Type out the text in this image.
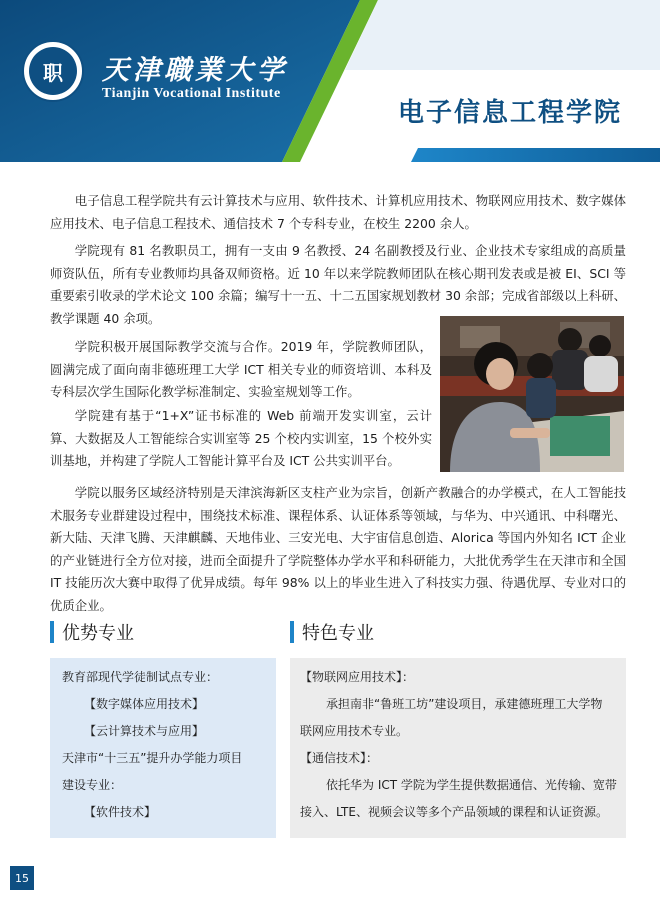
职	天津職業大学
Tianjin Vocational Institute
电子信息工程学院

电子信息工程学院共有云计算技术与应用、软件技术、计算机应用技术、物联网应用技术、数字媒体应用技术、电子信息工程技术、通信技术 7 个专科专业，在校生 2200 余人。

学院现有 81 名教职员工，拥有一支由 9 名教授、24 名副教授及行业、企业技术专家组成的高质量师资队伍，所有专业教师均具备双师资格。近 10 年以来学院教师团队在核心期刊发表或是被 EI、SCI 等重要索引收录的学术论文 100 余篇；编写十一五、十二五国家规划教材 30 余部；完成省部级以上科研、教学课题 40 余项。

学院积极开展国际教学交流与合作。2019 年，学院教师团队，圆满完成了面向南非德班理工大学 ICT 相关专业的师资培训、本科及专科层次学生国际化教学标准制定、实验室规划等工作。

学院建有基于“1+X”证书标准的 Web 前端开发实训室，云计算、大数据及人工智能综合实训室等 25 个校内实训室，15 个校外实训基地，并构建了学院人工智能计算平台及 ICT 公共实训平台。

学院以服务区域经济特别是天津滨海新区支柱产业为宗旨，创新产教融合的办学模式，在人工智能技术服务专业群建设过程中，围绕技术标准、课程体系、认证体系等领域，与华为、中兴通讯、中科曙光、新大陆、天津飞腾、天津麒麟、天地伟业、三安光电、大宇宙信息创造、Alorica 等国内外知名 ICT 企业的产业链进行全方位对接，进而全面提升了学院整体办学水平和科研能力，大批优秀学生在天津市和全国 IT 技能历次大赛中取得了优异成绩。每年 98% 以上的毕业生进入了科技实力强、待遇优厚、专业对口的优质企业。

优势专业	特色专业
教育部现代学徒制试点专业：
【数字媒体应用技术】
【云计算技术与应用】
天津市“十三五”提升办学能力项目
建设专业：
【软件技术】
【物联网应用技术】：
承担南非“鲁班工坊”建设项目，承建德班理工大学物
联网应用技术专业。
【通信技术】：
依托华为 ICT 学院为学生提供数据通信、光传输、宽带
接入、LTE、视频会议等多个产品领域的课程和认证资源。
15
